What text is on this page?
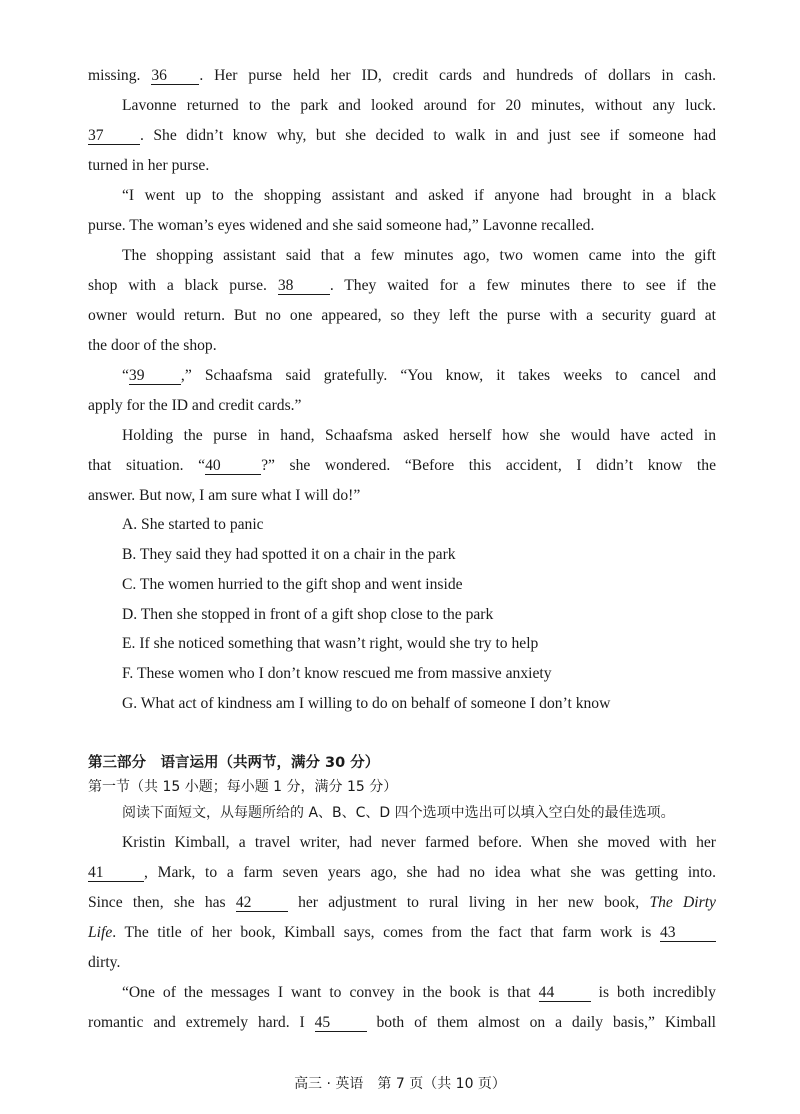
missing. 36 . Her purse held her ID, credit cards and hundreds of dollars in cash.
Lavonne returned to the park and looked around for 20 minutes, without any luck.
37 . She didn’t know why, but she decided to walk in and just see if someone had
turned in her purse.
“I went up to the shopping assistant and asked if anyone had brought in a black
purse. The woman’s eyes widened and she said someone had,” Lavonne recalled.
The shopping assistant said that a few minutes ago, two women came into the gift
shop with a black purse. 38 . They waited for a few minutes there to see if the
owner would return. But no one appeared, so they left the purse with a security guard at
the door of the shop.
“39 ,” Schaafsma said gratefully. “You know, it takes weeks to cancel and
apply for the ID and credit cards.”
Holding the purse in hand, Schaafsma asked herself how she would have acted in
that situation. “40	?” she wondered. “Before this accident, I didn’t know the
answer. But now, I am sure what I will do!”
A. She started to panic
B. They said they had spotted it on a chair in the park
C. The women hurried to the gift shop and went inside
D. Then she stopped in front of a gift shop close to the park
E. If she noticed something that wasn’t right, would she try to help
F. These women who I don’t know rescued me from massive anxiety
G. What act of kindness am I willing to do on behalf of someone I don’t know
第三部分　语言运用（共两节，满分 30 分）
第一节（共 15 小题；每小题 1 分，满分 15 分）
阅读下面短文，从每题所给的 A、B、C、D 四个选项中选出可以填入空白处的最佳选项。
Kristin Kimball, a travel writer, had never farmed before. When she moved with her
41	, Mark, to a farm seven years ago, she had no idea what she was getting into.
Since then, she has 42	her adjustment to rural living in her new book, The Dirty
Life. The title of her book, Kimball says, comes from the fact that farm work is 43
dirty.
“One of the messages I want to convey in the book is that 44	is both incredibly
romantic and extremely hard. I 45	both of them almost on a daily basis,” Kimball
高三 · 英语　第 7 页（共 10 页）
